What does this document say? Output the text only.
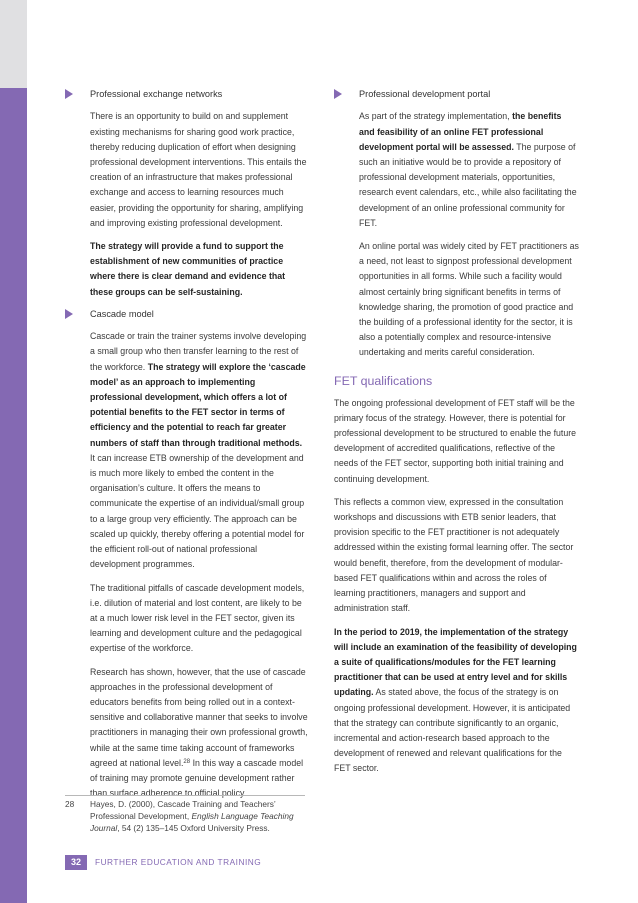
Professional exchange networks

There is an opportunity to build on and supplement existing mechanisms for sharing good work practice, thereby reducing duplication of effort when designing professional development interventions. This entails the creation of an infrastructure that makes professional exchange and access to learning resources much easier, providing the opportunity for sharing, amplifying and improving existing professional development.

The strategy will provide a fund to support the establishment of new communities of practice where there is clear demand and evidence that these groups can be self-sustaining.

Cascade model

Cascade or train the trainer systems involve developing a small group who then transfer learning to the rest of the workforce. The strategy will explore the ‘cascade model’ as an approach to implementing professional development, which offers a lot of potential benefits to the FET sector in terms of efficiency and the potential to reach far greater numbers of staff than through traditional methods. It can increase ETB ownership of the development and is much more likely to embed the content in the organisation’s culture. It offers the means to communicate the expertise of an individual/small group to a large group very efficiently. The approach can be scaled up quickly, thereby offering a potential model for the efficient roll-out of national professional development programmes.

The traditional pitfalls of cascade development models, i.e. dilution of material and lost content, are likely to be at a much lower risk level in the FET sector, given its learning and development culture and the pedagogical expertise of the workforce.

Research has shown, however, that the use of cascade approaches in the professional development of educators benefits from being rolled out in a context-sensitive and collaborative manner that seeks to involve practitioners in managing their own professional growth, while at the same time taking account of frameworks agreed at national level.$^{28}$ In this way a cascade model of training may promote genuine development rather than surface adherence to official policy.

Professional development portal

As part of the strategy implementation, the benefits and feasibility of an online FET professional development portal will be assessed. The purpose of such an initiative would be to provide a repository of professional development materials, opportunities, research event calendars, etc., while also facilitating the development of an online professional community for FET.

An online portal was widely cited by FET practitioners as a need, not least to signpost professional development opportunities in all forms. While such a facility would almost certainly bring significant benefits in terms of knowledge sharing, the promotion of good practice and the building of a professional identity for the sector, it is also a potentially complex and resource-intensive undertaking and merits careful consideration.

FET qualifications

The ongoing professional development of FET staff will be the primary focus of the strategy. However, there is potential for professional development to be structured to enable the future development of accredited qualifications, reflective of the needs of the FET sector, supporting both initial training and continuing development.

This reflects a common view, expressed in the consultation workshops and discussions with ETB senior leaders, that provision specific to the FET practitioner is not adequately addressed within the existing formal learning offer. The sector would benefit, therefore, from the development of modular-based FET qualifications within and across the roles of learning practitioners, managers and support and administration staff.

In the period to 2019, the implementation of the strategy will include an examination of the feasibility of developing a suite of qualifications/modules for the FET learning practitioner that can be used at entry level and for skills updating. As stated above, the focus of the strategy is on ongoing professional development. However, it is anticipated that the strategy can contribute significantly to an organic, incremental and action-research based approach to the development of renewed and relevant qualifications for the FET sector.

28 Hayes, D. (2000), Cascade Training and Teachers’ Professional Development, English Language Teaching Journal, 54 (2) 135–145 Oxford University Press.
32	FURTHER EDUCATION AND TRAINING
